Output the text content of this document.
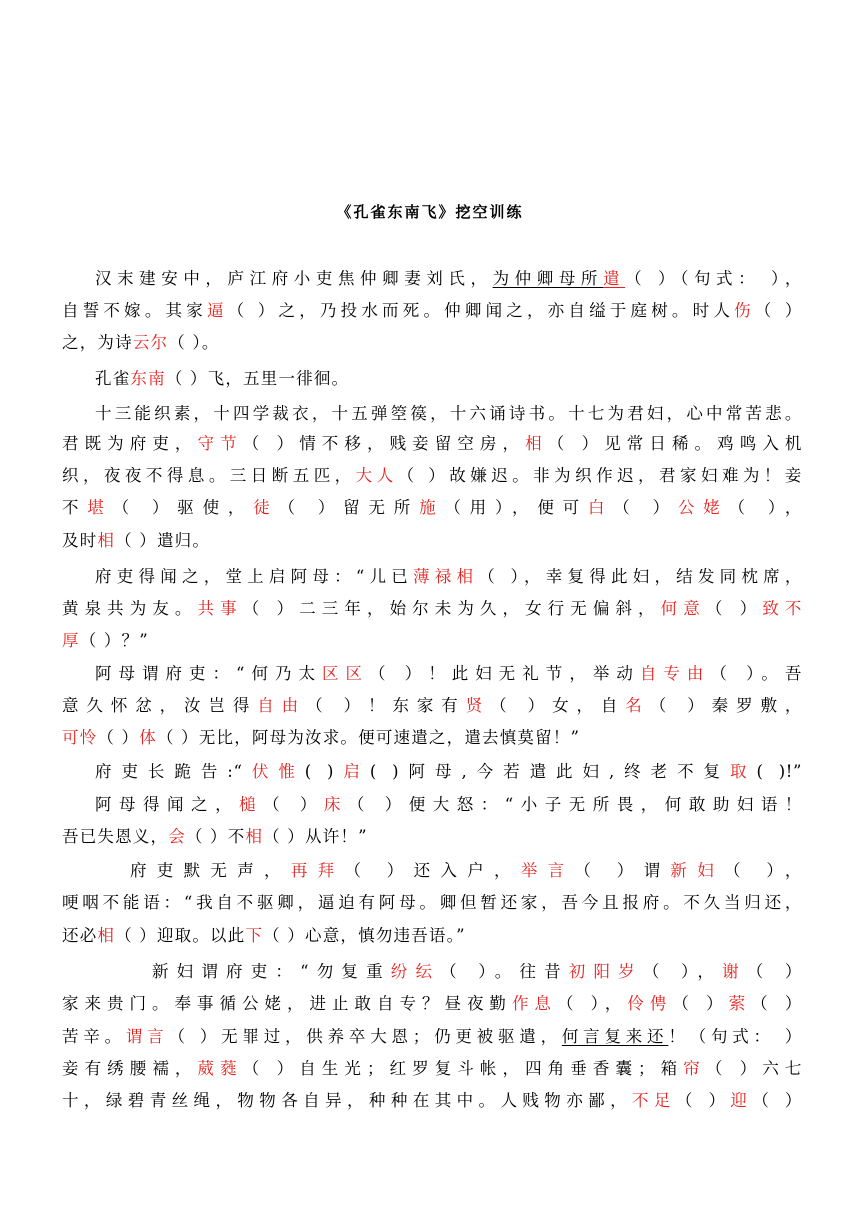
《孔雀东南飞》挖空训练
汉末建安中，庐江府小吏焦仲卿妻刘氏，为仲卿母所遣（ ）（句式： ），
自誓不嫁。其家逼（ ）之，乃投水而死。仲卿闻之，亦自缢于庭树。时人伤（ ）
之，为诗云尔（ ）。
孔雀东南（ ）飞，五里一徘徊。
十三能织素，十四学裁衣，十五弹箜篌，十六诵诗书。十七为君妇，心中常苦悲。
君既为府吏，守节（ ）情不移，贱妾留空房，相（ ）见常日稀。鸡鸣入机
织，夜夜不得息。三日断五匹，大人（ ）故嫌迟。非为织作迟，君家妇难为！妾
不堪（ ）驱使，徒（ ）留无所施（用），便可白（ ）公姥（ ），
及时相（ ）遣归。
府吏得闻之，堂上启阿母：“儿已薄禄相（ ），幸复得此妇，结发同枕席，
黄泉共为友。共事（ ）二三年，始尔未为久，女行无偏斜，何意（ ）致不
厚（ ）？”
阿母谓府吏：“何乃太区区（ ）！此妇无礼节，举动自专由（ ）。吾
意久怀忿，汝岂得自由（ ）！东家有贤（ ）女，自名（ ）秦罗敷，
可怜（ ）体（ ）无比，阿母为汝求。便可速遣之，遣去慎莫留！”
府吏长跪告:“伏惟( )启( )阿母,今若遣此妇,终老不复取( )!”
阿母得闻之，槌（ ）床（ ）便大怒：“小子无所畏，何敢助妇语！
吾已失恩义，会（ ）不相（ ）从许！”
府吏默无声，再拜（ ）还入户，举言（ ）谓新妇（ ），
哽咽不能语：“我自不驱卿，逼迫有阿母。卿但暂还家，吾今且报府。不久当归还，
还必相（ ）迎取。以此下（ ）心意，慎勿违吾语。”
新妇谓府吏：“勿复重纷纭（ ）。往昔初阳岁（ ），谢（ ）
家来贵门。奉事循公姥，进止敢自专？昼夜勤作息（ ），伶俜（ ）萦（ ）
苦辛。谓言（ ）无罪过，供养卒大恩；仍更被驱遣，何言复来还！（句式： ）
妾有绣腰襦，葳蕤（ ）自生光；红罗复斗帐，四角垂香囊；箱帘（ ）六七
十，绿碧青丝绳，物物各自异，种种在其中。人贱物亦鄙，不足（ ）迎（ ）
